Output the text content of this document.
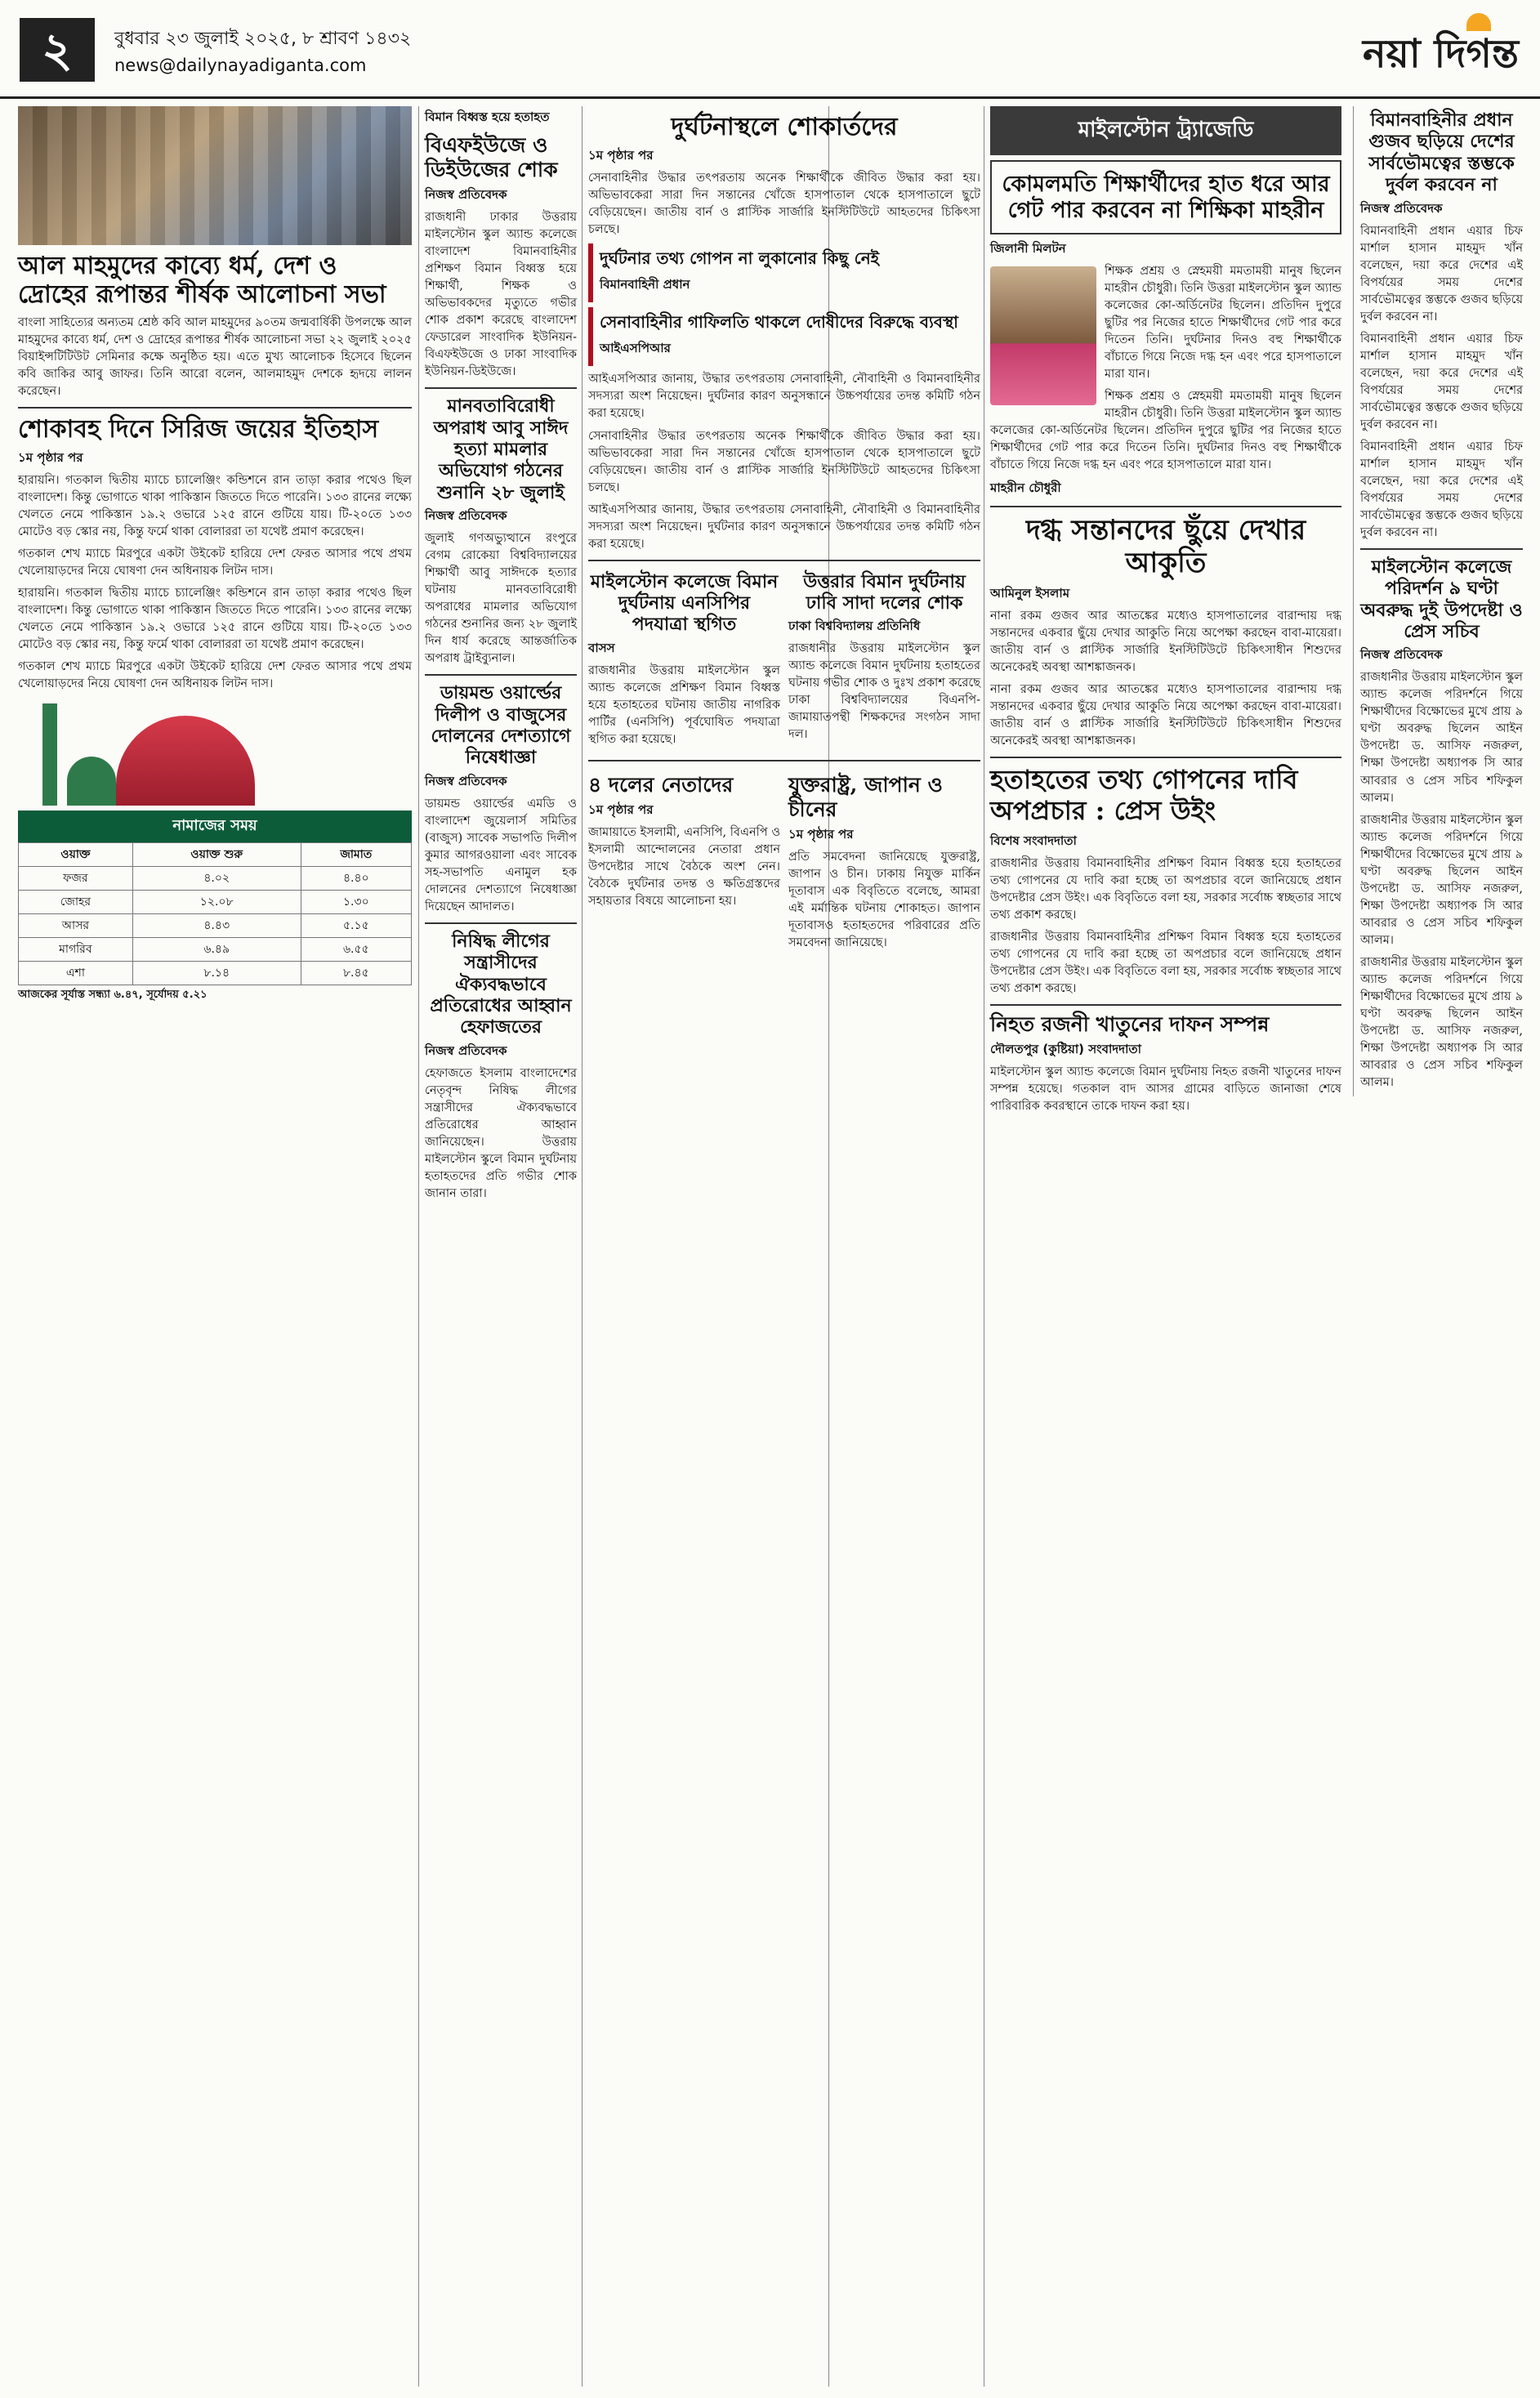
২	বুধবার ২৩ জুলাই ২০২৫, ৮ শ্রাবণ ১৪৩২
news@dailynayadiganta.com	নয়া দিগন্ত
আল মাহমুদের কাব্যে ধর্ম, দেশ ও দ্রোহের রূপান্তর শীর্ষক আলোচনা সভা

বাংলা সাহিত্যের অন্যতম শ্রেষ্ঠ কবি আল মাহমুদের ৯০তম জন্মবার্ষিকী উপলক্ষে আল মাহমুদের কাব্যে ধর্ম, দেশ ও দ্রোহের রূপান্তর শীর্ষক আলোচনা সভা ২২ জুলাই ২০২৫ বিয়াইন্সটিটিউট সেমিনার কক্ষে অনুষ্ঠিত হয়। এতে মুখ্য আলোচক হিসেবে ছিলেন কবি জাকির আবু জাফর। তিনি আরো বলেন, আলমাহমুদ দেশকে হৃদয়ে লালন করেছেন।

শোকাবহ দিনে সিরিজ জয়ের ইতিহাস
১ম পৃষ্ঠার পর

হারায়নি। গতকাল দ্বিতীয় ম্যাচে চ্যালেঞ্জিং কন্ডিশনে রান তাড়া করার পথেও ছিল বাংলাদেশ। কিন্তু ভোগাতে থাকা পাকিস্তান জিততে দিতে পারেনি। ১৩৩ রানের লক্ষ্যে খেলতে নেমে পাকিস্তান ১৯.২ ওভারে ১২৫ রানে গুটিয়ে যায়। টি-২০তে ১৩৩ মোটেও বড় স্কোর নয়, কিন্তু ফর্মে থাকা বোলাররা তা যথেষ্ট প্রমাণ করেছেন।

গতকাল শেখ ম্যাচে মিরপুরে একটা উইকেট হারিয়ে দেশ ফেরত আসার পথে প্রথম খেলোয়াড়দের নিয়ে ঘোষণা দেন অধিনায়ক লিটন দাস।

হারায়নি। গতকাল দ্বিতীয় ম্যাচে চ্যালেঞ্জিং কন্ডিশনে রান তাড়া করার পথেও ছিল বাংলাদেশ। কিন্তু ভোগাতে থাকা পাকিস্তান জিততে দিতে পারেনি। ১৩৩ রানের লক্ষ্যে খেলতে নেমে পাকিস্তান ১৯.২ ওভারে ১২৫ রানে গুটিয়ে যায়। টি-২০তে ১৩৩ মোটেও বড় স্কোর নয়, কিন্তু ফর্মে থাকা বোলাররা তা যথেষ্ট প্রমাণ করেছেন।

গতকাল শেখ ম্যাচে মিরপুরে একটা উইকেট হারিয়ে দেশ ফেরত আসার পথে প্রথম খেলোয়াড়দের নিয়ে ঘোষণা দেন অধিনায়ক লিটন দাস।

নামাজের সময়
ওয়াক্ত	ওয়াক্ত শুরু	জামাত
ফজর	৪.০২	৪.৪০
জোহর	১২.০৮	১.৩০
আসর	৪.৪৩	৫.১৫
মাগরিব	৬.৪৯	৬.৫৫
এশা	৮.১৪	৮.৪৫
আজকের সূর্যাস্ত সন্ধ্যা ৬.৪৭, সূর্যোদয় ৫.২১
বিমান বিধ্বস্ত হয়ে হতাহত
বিএফইউজে ও ডিইউজের শোক
নিজস্ব প্রতিবেদক

রাজধানী ঢাকার উত্তরায় মাইলস্টোন স্কুল অ্যান্ড কলেজে বাংলাদেশ বিমানবাহিনীর প্রশিক্ষণ বিমান বিধ্বস্ত হয়ে শিক্ষার্থী, শিক্ষক ও অভিভাবকদের মৃত্যুতে গভীর শোক প্রকাশ করেছে বাংলাদেশ ফেডারেল সাংবাদিক ইউনিয়ন-বিএফইউজে ও ঢাকা সাংবাদিক ইউনিয়ন-ডিইউজে।

মানবতাবিরোধী অপরাধ আবু সাঈদ হত্যা মামলার অভিযোগ গঠনের শুনানি ২৮ জুলাই
নিজস্ব প্রতিবেদক

জুলাই গণঅভ্যুত্থানে রংপুরে বেগম রোকেয়া বিশ্ববিদ্যালয়ের শিক্ষার্থী আবু সাঈদকে হত্যার ঘটনায় মানবতাবিরোধী অপরাধের মামলার অভিযোগ গঠনের শুনানির জন্য ২৮ জুলাই দিন ধার্য করেছে আন্তর্জাতিক অপরাধ ট্রাইব্যুনাল।

ডায়মন্ড ওয়ার্ল্ডের দিলীপ ও বাজুসের দোলনের দেশত্যাগে নিষেধাজ্ঞা
নিজস্ব প্রতিবেদক

ডায়মন্ড ওয়ার্ল্ডের এমডি ও বাংলাদেশ জুয়েলার্স সমিতির (বাজুস) সাবেক সভাপতি দিলীপ কুমার আগরওয়ালা এবং সাবেক সহ-সভাপতি এনামুল হক দোলনের দেশত্যাগে নিষেধাজ্ঞা দিয়েছেন আদালত।

নিষিদ্ধ লীগের সন্ত্রাসীদের ঐক্যবদ্ধভাবে প্রতিরোধের আহ্বান হেফাজতের
নিজস্ব প্রতিবেদক

হেফাজতে ইসলাম বাংলাদেশের নেতৃবৃন্দ নিষিদ্ধ লীগের সন্ত্রাসীদের ঐক্যবদ্ধভাবে প্রতিরোধের আহ্বান জানিয়েছেন। উত্তরায় মাইলস্টোন স্কুলে বিমান দুর্ঘটনায় হতাহতদের প্রতি গভীর শোক জানান তারা।

দুর্ঘটনাস্থলে শোকার্তদের
১ম পৃষ্ঠার পর

সেনাবাহিনীর উদ্ধার তৎপরতায় অনেক শিক্ষার্থীকে জীবিত উদ্ধার করা হয়। অভিভাবকেরা সারা দিন সন্তানের খোঁজে হাসপাতাল থেকে হাসপাতালে ছুটে বেড়িয়েছেন। জাতীয় বার্ন ও প্লাস্টিক সার্জারি ইনস্টিটিউটে আহতদের চিকিৎসা চলছে।

দুর্ঘটনার তথ্য গোপন না লুকানোর কিছু নেই
বিমানবাহিনী প্রধান
সেনাবাহিনীর গাফিলতি থাকলে দোষীদের বিরুদ্ধে ব্যবস্থা
আইএসপিআর

আইএসপিআর জানায়, উদ্ধার তৎপরতায় সেনাবাহিনী, নৌবাহিনী ও বিমানবাহিনীর সদস্যরা অংশ নিয়েছেন। দুর্ঘটনার কারণ অনুসন্ধানে উচ্চপর্যায়ের তদন্ত কমিটি গঠন করা হয়েছে।

সেনাবাহিনীর উদ্ধার তৎপরতায় অনেক শিক্ষার্থীকে জীবিত উদ্ধার করা হয়। অভিভাবকেরা সারা দিন সন্তানের খোঁজে হাসপাতাল থেকে হাসপাতালে ছুটে বেড়িয়েছেন। জাতীয় বার্ন ও প্লাস্টিক সার্জারি ইনস্টিটিউটে আহতদের চিকিৎসা চলছে।

আইএসপিআর জানায়, উদ্ধার তৎপরতায় সেনাবাহিনী, নৌবাহিনী ও বিমানবাহিনীর সদস্যরা অংশ নিয়েছেন। দুর্ঘটনার কারণ অনুসন্ধানে উচ্চপর্যায়ের তদন্ত কমিটি গঠন করা হয়েছে।

মাইলস্টোন কলেজে বিমান দুর্ঘটনায় এনসিপির পদযাত্রা স্থগিত
বাসস

রাজধানীর উত্তরায় মাইলস্টোন স্কুল অ্যান্ড কলেজে প্রশিক্ষণ বিমান বিধ্বস্ত হয়ে হতাহতের ঘটনায় জাতীয় নাগরিক পার্টির (এনসিপি) পূর্বঘোষিত পদযাত্রা স্থগিত করা হয়েছে।

উত্তরার বিমান দুর্ঘটনায় ঢাবি সাদা দলের শোক
ঢাকা বিশ্ববিদ্যালয় প্রতিনিধি

রাজধানীর উত্তরায় মাইলস্টোন স্কুল অ্যান্ড কলেজে বিমান দুর্ঘটনায় হতাহতের ঘটনায় গভীর শোক ও দুঃখ প্রকাশ করেছে ঢাকা বিশ্ববিদ্যালয়ের বিএনপি-জামায়াতপন্থী শিক্ষকদের সংগঠন সাদা দল।

৪ দলের নেতাদের
১ম পৃষ্ঠার পর

জামায়াতে ইসলামী, এনসিপি, বিএনপি ও ইসলামী আন্দোলনের নেতারা প্রধান উপদেষ্টার সাথে বৈঠকে অংশ নেন। বৈঠকে দুর্ঘটনার তদন্ত ও ক্ষতিগ্রস্তদের সহায়তার বিষয়ে আলোচনা হয়।

যুক্তরাষ্ট্র, জাপান ও চীনের
১ম পৃষ্ঠার পর

প্রতি সমবেদনা জানিয়েছে যুক্তরাষ্ট্র, জাপান ও চীন। ঢাকায় নিযুক্ত মার্কিন দূতাবাস এক বিবৃতিতে বলেছে, আমরা এই মর্মান্তিক ঘটনায় শোকাহত। জাপান দূতাবাসও হতাহতদের পরিবারের প্রতি সমবেদনা জানিয়েছে।

মাইলস্টোন ট্র্যাজেডি
কোমলমতি শিক্ষার্থীদের হাত ধরে আর গেট পার করবেন না শিক্ষিকা মাহরীন
জিলানী মিলটন

শিক্ষক প্রশ্রয় ও স্নেহময়ী মমতাময়ী মানুষ ছিলেন মাহরীন চৌধুরী। তিনি উত্তরা মাইলস্টোন স্কুল অ্যান্ড কলেজের কো-অর্ডিনেটর ছিলেন। প্রতিদিন দুপুরে ছুটির পর নিজের হাতে শিক্ষার্থীদের গেট পার করে দিতেন তিনি। দুর্ঘটনার দিনও বহু শিক্ষার্থীকে বাঁচাতে গিয়ে নিজে দগ্ধ হন এবং পরে হাসপাতালে মারা যান।

শিক্ষক প্রশ্রয় ও স্নেহময়ী মমতাময়ী মানুষ ছিলেন মাহরীন চৌধুরী। তিনি উত্তরা মাইলস্টোন স্কুল অ্যান্ড কলেজের কো-অর্ডিনেটর ছিলেন। প্রতিদিন দুপুরে ছুটির পর নিজের হাতে শিক্ষার্থীদের গেট পার করে দিতেন তিনি। দুর্ঘটনার দিনও বহু শিক্ষার্থীকে বাঁচাতে গিয়ে নিজে দগ্ধ হন এবং পরে হাসপাতালে মারা যান।

মাহরীন চৌধুরী
দগ্ধ সন্তানদের ছুঁয়ে দেখার আকুতি
আমিনুল ইসলাম

নানা রকম গুজব আর আতঙ্কের মধ্যেও হাসপাতালের বারান্দায় দগ্ধ সন্তানদের একবার ছুঁয়ে দেখার আকুতি নিয়ে অপেক্ষা করছেন বাবা-মায়েরা। জাতীয় বার্ন ও প্লাস্টিক সার্জারি ইনস্টিটিউটে চিকিৎসাধীন শিশুদের অনেকেরই অবস্থা আশঙ্কাজনক।

নানা রকম গুজব আর আতঙ্কের মধ্যেও হাসপাতালের বারান্দায় দগ্ধ সন্তানদের একবার ছুঁয়ে দেখার আকুতি নিয়ে অপেক্ষা করছেন বাবা-মায়েরা। জাতীয় বার্ন ও প্লাস্টিক সার্জারি ইনস্টিটিউটে চিকিৎসাধীন শিশুদের অনেকেরই অবস্থা আশঙ্কাজনক।

হতাহতের তথ্য গোপনের দাবি অপপ্রচার : প্রেস উইং
বিশেষ সংবাদদাতা

রাজধানীর উত্তরায় বিমানবাহিনীর প্রশিক্ষণ বিমান বিধ্বস্ত হয়ে হতাহতের তথ্য গোপনের যে দাবি করা হচ্ছে তা অপপ্রচার বলে জানিয়েছে প্রধান উপদেষ্টার প্রেস উইং। এক বিবৃতিতে বলা হয়, সরকার সর্বোচ্চ স্বচ্ছতার সাথে তথ্য প্রকাশ করছে।

রাজধানীর উত্তরায় বিমানবাহিনীর প্রশিক্ষণ বিমান বিধ্বস্ত হয়ে হতাহতের তথ্য গোপনের যে দাবি করা হচ্ছে তা অপপ্রচার বলে জানিয়েছে প্রধান উপদেষ্টার প্রেস উইং। এক বিবৃতিতে বলা হয়, সরকার সর্বোচ্চ স্বচ্ছতার সাথে তথ্য প্রকাশ করছে।

নিহত রজনী খাতুনের দাফন সম্পন্ন
দৌলতপুর (কুষ্টিয়া) সংবাদদাতা

মাইলস্টোন স্কুল অ্যান্ড কলেজে বিমান দুর্ঘটনায় নিহত রজনী খাতুনের দাফন সম্পন্ন হয়েছে। গতকাল বাদ আসর গ্রামের বাড়িতে জানাজা শেষে পারিবারিক কবরস্থানে তাকে দাফন করা হয়।

বিমানবাহিনীর প্রধান গুজব ছড়িয়ে দেশের সার্বভৌমত্বের স্তম্ভকে দুর্বল করবেন না
নিজস্ব প্রতিবেদক

বিমানবাহিনী প্রধান এয়ার চিফ মার্শাল হাসান মাহমুদ খাঁন বলেছেন, দয়া করে দেশের এই বিপর্যয়ের সময় দেশের সার্বভৌমত্বের স্তম্ভকে গুজব ছড়িয়ে দুর্বল করবেন না।

বিমানবাহিনী প্রধান এয়ার চিফ মার্শাল হাসান মাহমুদ খাঁন বলেছেন, দয়া করে দেশের এই বিপর্যয়ের সময় দেশের সার্বভৌমত্বের স্তম্ভকে গুজব ছড়িয়ে দুর্বল করবেন না।

বিমানবাহিনী প্রধান এয়ার চিফ মার্শাল হাসান মাহমুদ খাঁন বলেছেন, দয়া করে দেশের এই বিপর্যয়ের সময় দেশের সার্বভৌমত্বের স্তম্ভকে গুজব ছড়িয়ে দুর্বল করবেন না।

মাইলস্টোন কলেজে পরিদর্শন ৯ ঘণ্টা অবরুদ্ধ দুই উপদেষ্টা ও প্রেস সচিব
নিজস্ব প্রতিবেদক

রাজধানীর উত্তরায় মাইলস্টোন স্কুল অ্যান্ড কলেজ পরিদর্শনে গিয়ে শিক্ষার্থীদের বিক্ষোভের মুখে প্রায় ৯ ঘণ্টা অবরুদ্ধ ছিলেন আইন উপদেষ্টা ড. আসিফ নজরুল, শিক্ষা উপদেষ্টা অধ্যাপক সি আর আবরার ও প্রেস সচিব শফিকুল আলম।

রাজধানীর উত্তরায় মাইলস্টোন স্কুল অ্যান্ড কলেজ পরিদর্শনে গিয়ে শিক্ষার্থীদের বিক্ষোভের মুখে প্রায় ৯ ঘণ্টা অবরুদ্ধ ছিলেন আইন উপদেষ্টা ড. আসিফ নজরুল, শিক্ষা উপদেষ্টা অধ্যাপক সি আর আবরার ও প্রেস সচিব শফিকুল আলম।

রাজধানীর উত্তরায় মাইলস্টোন স্কুল অ্যান্ড কলেজ পরিদর্শনে গিয়ে শিক্ষার্থীদের বিক্ষোভের মুখে প্রায় ৯ ঘণ্টা অবরুদ্ধ ছিলেন আইন উপদেষ্টা ড. আসিফ নজরুল, শিক্ষা উপদেষ্টা অধ্যাপক সি আর আবরার ও প্রেস সচিব শফিকুল আলম।
